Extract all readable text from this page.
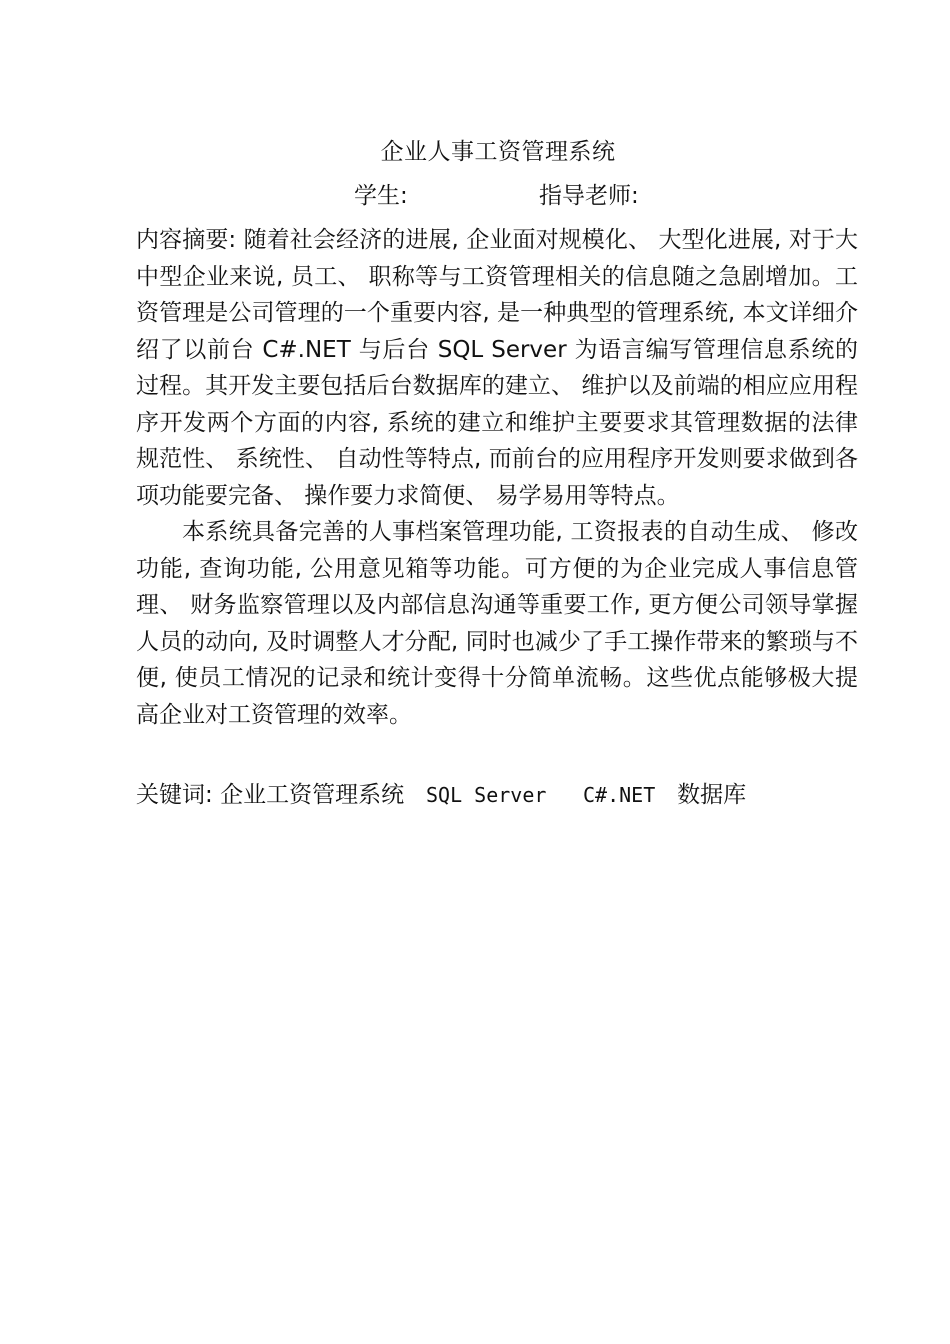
企业人事工资管理系统
学生:	指导老师:

内容摘要: 随着社会经济的进展, 企业面对规模化、 大型化进展, 对于大中型企业来说, 员工、 职称等与工资管理相关的信息随之急剧增加。工资管理是公司管理的一个重要内容, 是一种典型的管理系统, 本文详细介绍了以前台 C#.NET 与后台 SQL Server 为语言编写管理信息系统的过程。其开发主要包括后台数据库的建立、 维护以及前端的相应应用程序开发两个方面的内容, 系统的建立和维护主要要求其管理数据的法律规范性、 系统性、 自动性等特点, 而前台的应用程序开发则要求做到各项功能要完备、 操作要力求简便、 易学易用等特点。

本系统具备完善的人事档案管理功能, 工资报表的自动生成、 修改功能, 查询功能, 公用意见箱等功能。可方便的为企业完成人事信息管理、 财务监察管理以及内部信息沟通等重要工作, 更方便公司领导掌握人员的动向, 及时调整人才分配, 同时也减少了手工操作带来的繁琐与不便, 使员工情况的记录和统计变得十分简单流畅。这些优点能够极大提高企业对工资管理的效率。

关键词: 企业工资管理系统 SQL Server C#.NET 数据库
